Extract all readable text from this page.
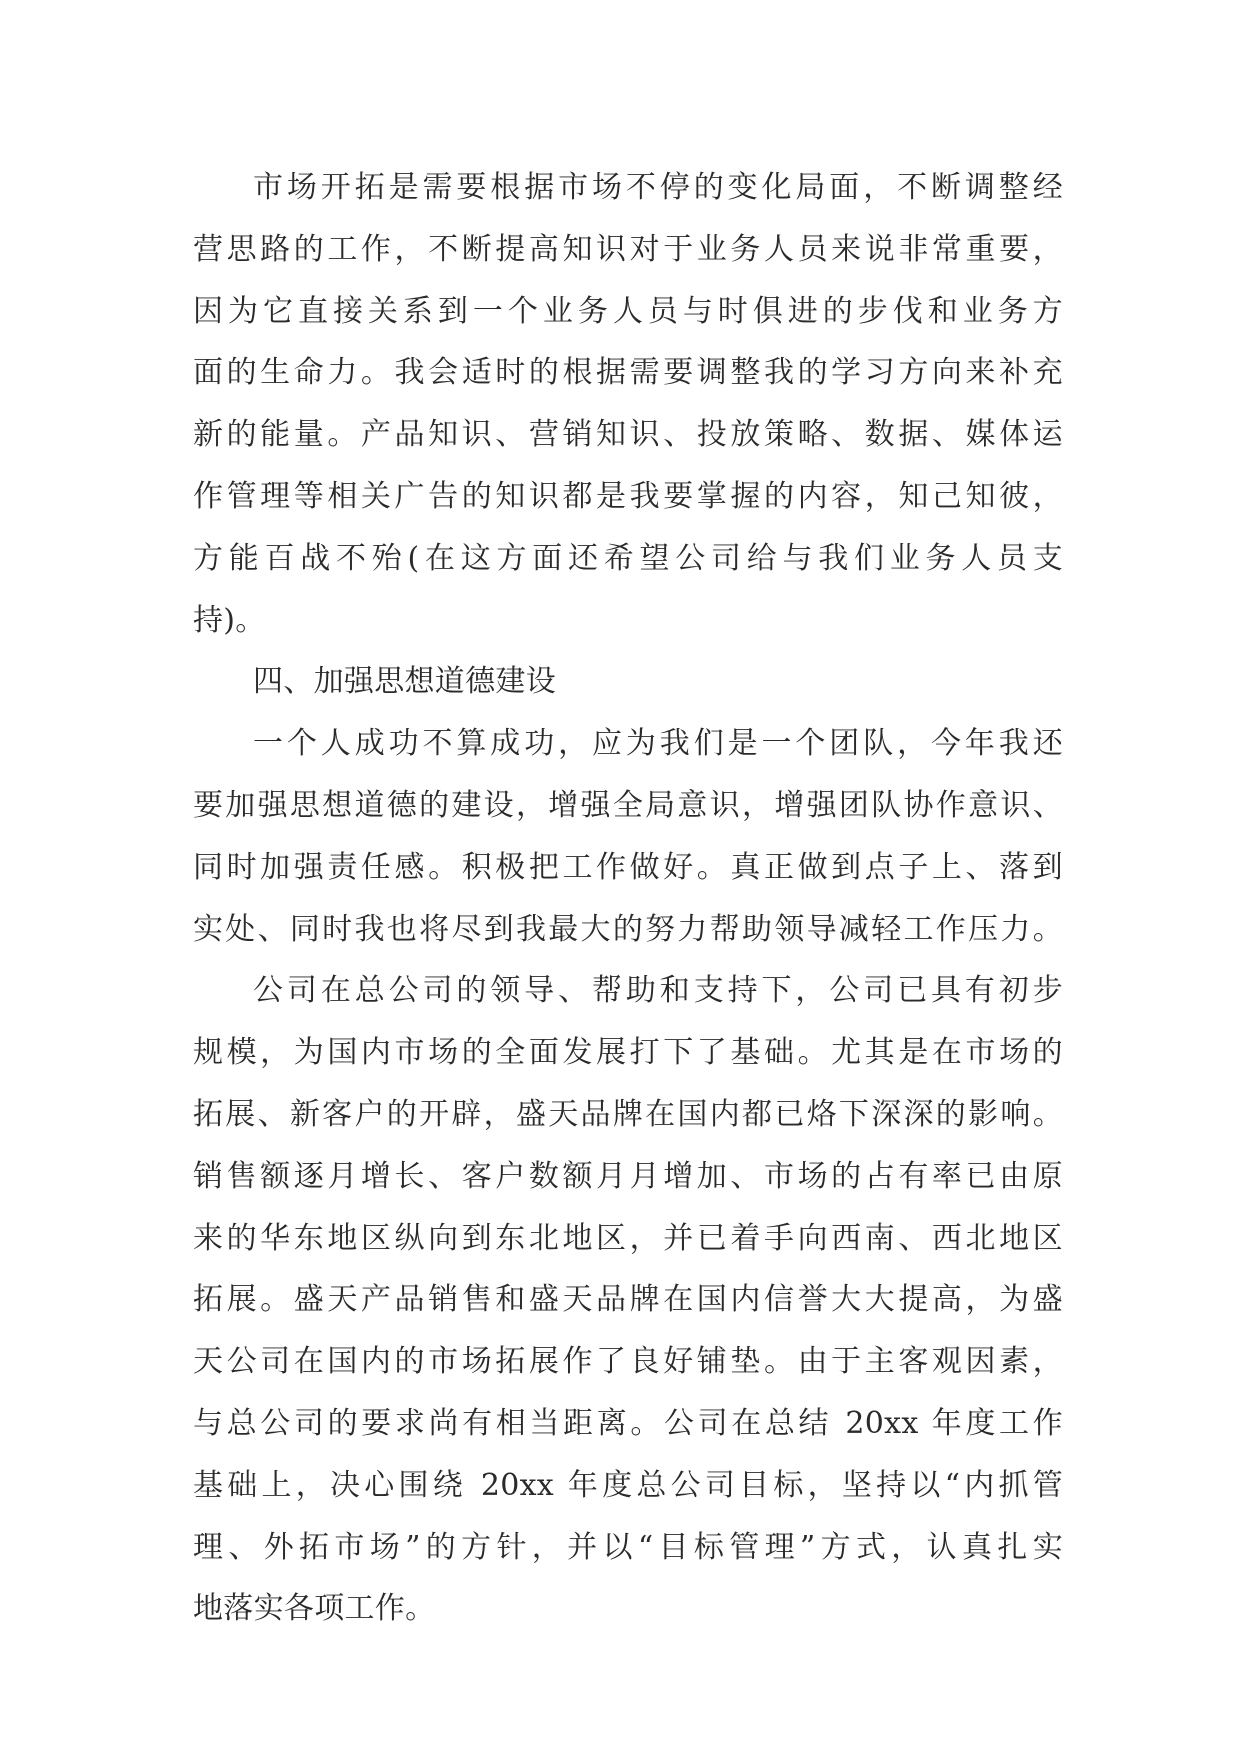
市场开拓是需要根据市场不停的变化局面，不断调整经
营思路的工作，不断提高知识对于业务人员来说非常重要，
因为它直接关系到一个业务人员与时俱进的步伐和业务方
面的生命力。我会适时的根据需要调整我的学习方向来补充
新的能量。产品知识、营销知识、投放策略、数据、媒体运
作管理等相关广告的知识都是我要掌握的内容，知己知彼，
方能百战不殆(在这方面还希望公司给与我们业务人员支
持)。
四、加强思想道德建设
一个人成功不算成功，应为我们是一个团队，今年我还
要加强思想道德的建设，增强全局意识，增强团队协作意识、
同时加强责任感。积极把工作做好。真正做到点子上、落到
实处、同时我也将尽到我最大的努力帮助领导减轻工作压力。
公司在总公司的领导、帮助和支持下，公司已具有初步
规模，为国内市场的全面发展打下了基础。尤其是在市场的
拓展、新客户的开辟，盛天品牌在国内都已烙下深深的影响。
销售额逐月增长、客户数额月月增加、市场的占有率已由原
来的华东地区纵向到东北地区，并已着手向西南、西北地区
拓展。盛天产品销售和盛天品牌在国内信誉大大提高，为盛
天公司在国内的市场拓展作了良好铺垫。由于主客观因素，
与总公司的要求尚有相当距离。公司在总结 20xx 年度工作
基础上，决心围绕 20xx 年度总公司目标，坚持以“内抓管
理、外拓市场”的方针，并以“目标管理”方式，认真扎实
地落实各项工作。
